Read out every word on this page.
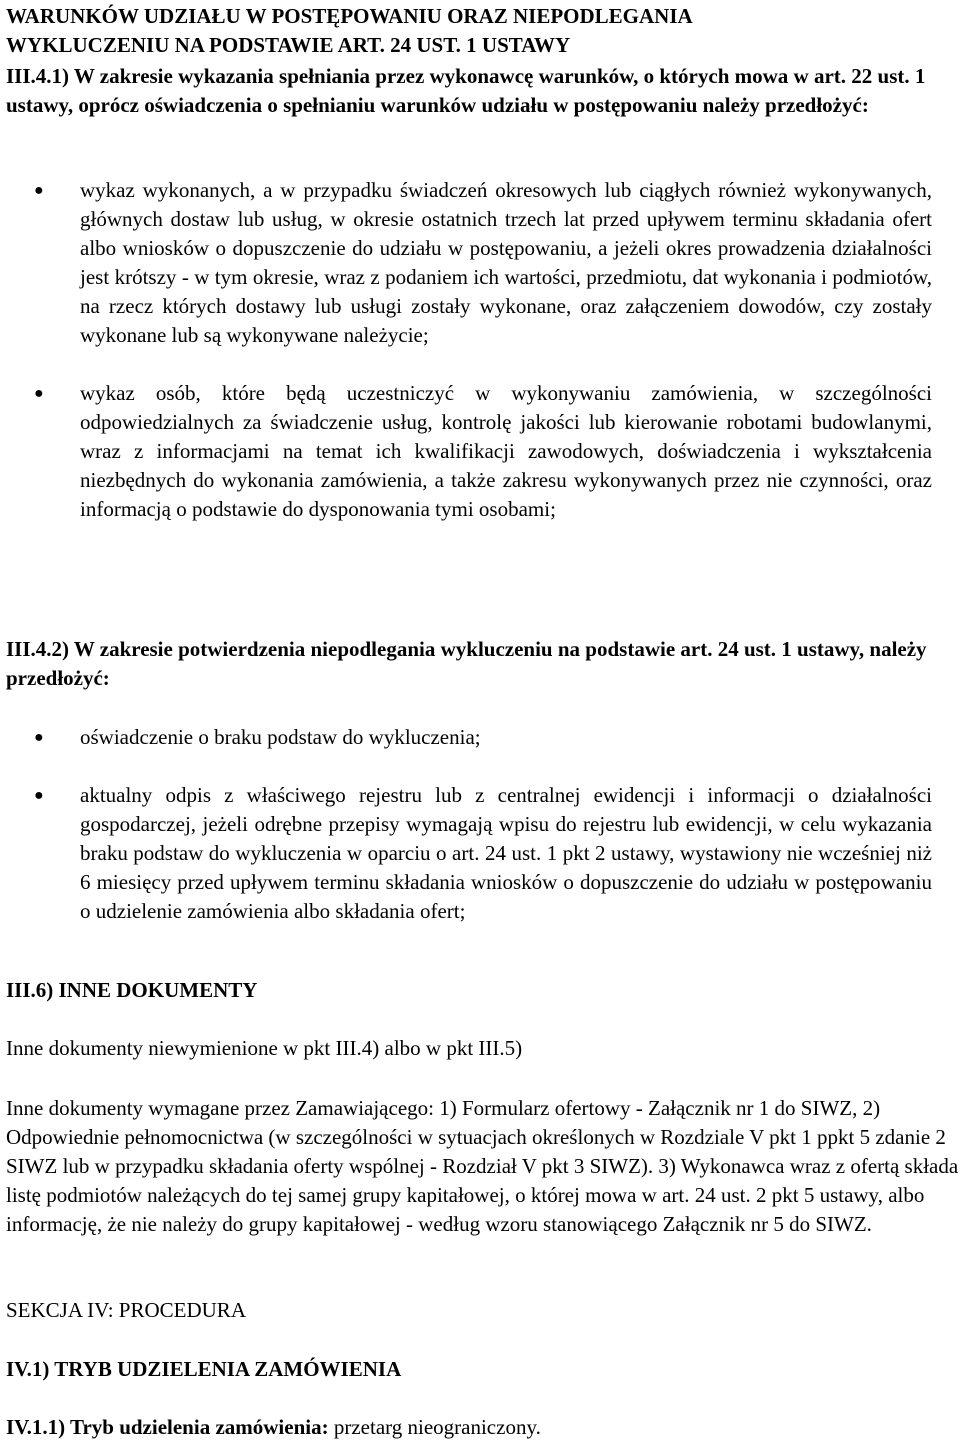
WARUNKÓW UDZIAŁU W POSTĘPOWANIU ORAZ NIEPODLEGANIA WYKLUCZENIU NA PODSTAWIE ART. 24 UST. 1 USTAWY

III.4.1) W zakresie wykazania spełniania przez wykonawcę warunków, o których mowa w art. 22 ust. 1 ustawy, oprócz oświadczenia o spełnianiu warunków udziału w postępowaniu należy przedłożyć:

● wykaz wykonanych, a w przypadku świadczeń okresowych lub ciągłych również wykonywanych, głównych dostaw lub usług, w okresie ostatnich trzech lat przed upływem terminu składania ofert albo wniosków o dopuszczenie do udziału w postępowaniu, a jeżeli okres prowadzenia działalności jest krótszy - w tym okresie, wraz z podaniem ich wartości, przedmiotu, dat wykonania i podmiotów, na rzecz których dostawy lub usługi zostały wykonane, oraz załączeniem dowodów, czy zostały wykonane lub są wykonywane należycie;
● wykaz osób, które będą uczestniczyć w wykonywaniu zamówienia, w szczególności odpowiedzialnych za świadczenie usług, kontrolę jakości lub kierowanie robotami budowlanymi, wraz z informacjami na temat ich kwalifikacji zawodowych, doświadczenia i wykształcenia niezbędnych do wykonania zamówienia, a także zakresu wykonywanych przez nie czynności, oraz informacją o podstawie do dysponowania tymi osobami;

III.4.2) W zakresie potwierdzenia niepodlegania wykluczeniu na podstawie art. 24 ust. 1 ustawy, należy przedłożyć:

● oświadczenie o braku podstaw do wykluczenia;
● aktualny odpis z właściwego rejestru lub z centralnej ewidencji i informacji o działalności gospodarczej, jeżeli odrębne przepisy wymagają wpisu do rejestru lub ewidencji, w celu wykazania braku podstaw do wykluczenia w oparciu o art. 24 ust. 1 pkt 2 ustawy, wystawiony nie wcześniej niż 6 miesięcy przed upływem terminu składania wniosków o dopuszczenie do udziału w postępowaniu o udzielenie zamówienia albo składania ofert;

III.6) INNE DOKUMENTY

Inne dokumenty niewymienione w pkt III.4) albo w pkt III.5)

Inne dokumenty wymagane przez Zamawiającego: 1) Formularz ofertowy - Załącznik nr 1 do SIWZ, 2) Odpowiednie pełnomocnictwa (w szczególności w sytuacjach określonych w Rozdziale V pkt 1 ppkt 5 zdanie 2 SIWZ lub w przypadku składania oferty wspólnej - Rozdział V pkt 3 SIWZ). 3) Wykonawca wraz z ofertą składa listę podmiotów należących do tej samej grupy kapitałowej, o której mowa w art. 24 ust. 2 pkt 5 ustawy, albo informację, że nie należy do grupy kapitałowej - według wzoru stanowiącego Załącznik nr 5 do SIWZ.

SEKCJA IV: PROCEDURA

IV.1) TRYB UDZIELENIA ZAMÓWIENIA

IV.1.1) Tryb udzielenia zamówienia: przetarg nieograniczony.
